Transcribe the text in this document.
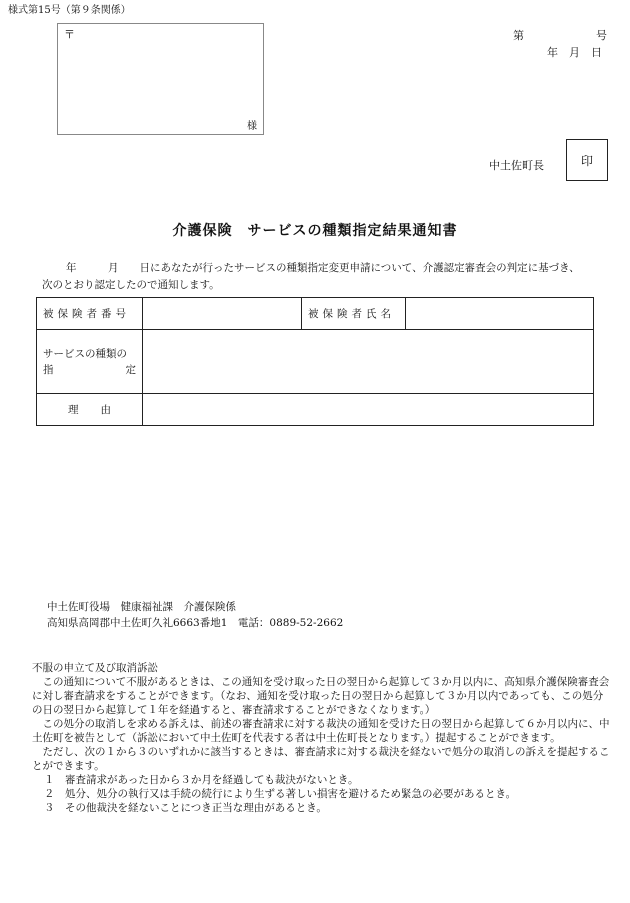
様式第15号（第９条関係）
〒
様
第	号
年　月　日
中土佐町長	印
介護保険　サービスの種類指定結果通知書
年　　　	月　　 日にあなたが行ったサービスの種類指定変更申請について、介護認定審査会の判定に基づき、
次のとおり認定したので通知します。
被保険者番号		被保険者氏名	

サービスの種類の
指 定			

理 由			

中土佐町役場　健康福祉課　介護保険係
高知県高岡郡中土佐町久礼6663番地1　電話：0889-52-2662
不服の申立て及び取消訴訟
　この通知について不服があるときは、この通知を受け取った日の翌日から起算して３か月以内に、高知県介護保険審査会に対し審査請求をすることができます。（なお、通知を受け取った日の翌日から起算して３か月以内であっても、この処分の日の翌日から起算して１年を経過すると、審査請求することができなくなります。）
　この処分の取消しを求める訴えは、前述の審査請求に対する裁決の通知を受けた日の翌日から起算して６か月以内に、中土佐町を被告として（訴訟において中土佐町を代表する者は中土佐町長となります。）提起することができます。
　ただし、次の１から３のいずれかに該当するときは、審査請求に対する裁決を経ないで処分の取消しの訴えを提起することができます。
１　審査請求があった日から３か月を経過しても裁決がないとき。
２　処分、処分の執行又は手続の続行により生ずる著しい損害を避けるため緊急の必要があるとき。
３　その他裁決を経ないことにつき正当な理由があるとき。
